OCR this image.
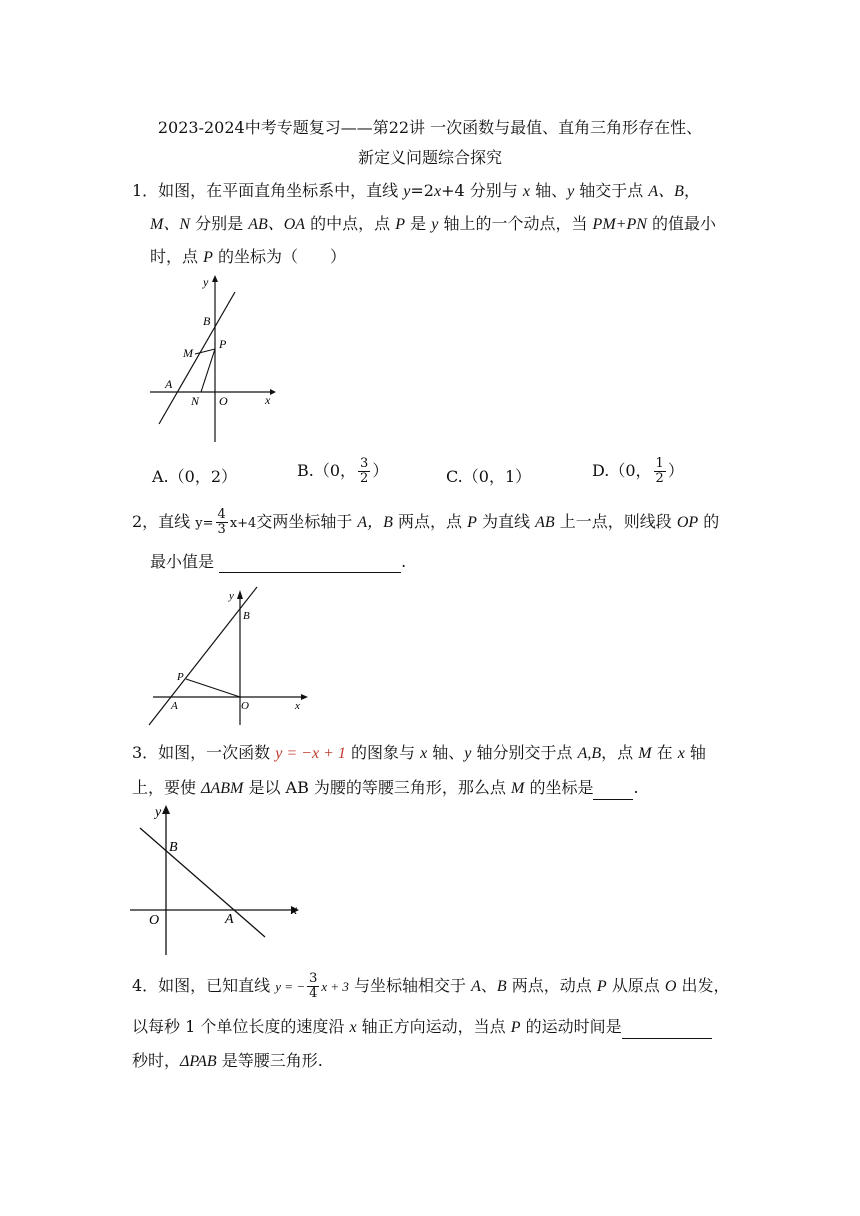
2023-2024中考专题复习——第22讲 一次函数与最值、直角三角形存在性、
新定义问题综合探究
1．如图，在平面直角坐标系中，直线 y=2x+4 分别与 x 轴、y 轴交于点 A、B，
M、N 分别是 AB、OA 的中点，点 P 是 y 轴上的一个动点，当 PM+PN 的值最小
时，点 P 的坐标为（　　）
y
x
B
M
P
A
N O
A.（0，2）	B.（0， $\frac{3}{2}$ ）	C.（0，1）	D.（0， $\frac{1}{2}$ ）
2，直线 $y= \frac{4}{3} x+4$交两坐标轴于 A，B 两点，点 P 为直线 AB 上一点，则线段 OP 的
最小值是	.
y
x
B
P
A	O
3．如图，一次函数 y = −x + 1 的图象与 x 轴、y 轴分别交于点 A,B，点 M 在 x 轴
上，要使 ΔABM 是以 AB 为腰的等腰三角形，那么点 M 的坐标是	.
y
x
B
O	A
4．如图，已知直线 y = − $\frac{3}{4}$ x + 3 与坐标轴相交于 A、B 两点，动点 P 从原点 O 出发，
以每秒 1 个单位长度的速度沿 x 轴正方向运动，当点 P 的运动时间是
秒时，ΔPAB 是等腰三角形.
